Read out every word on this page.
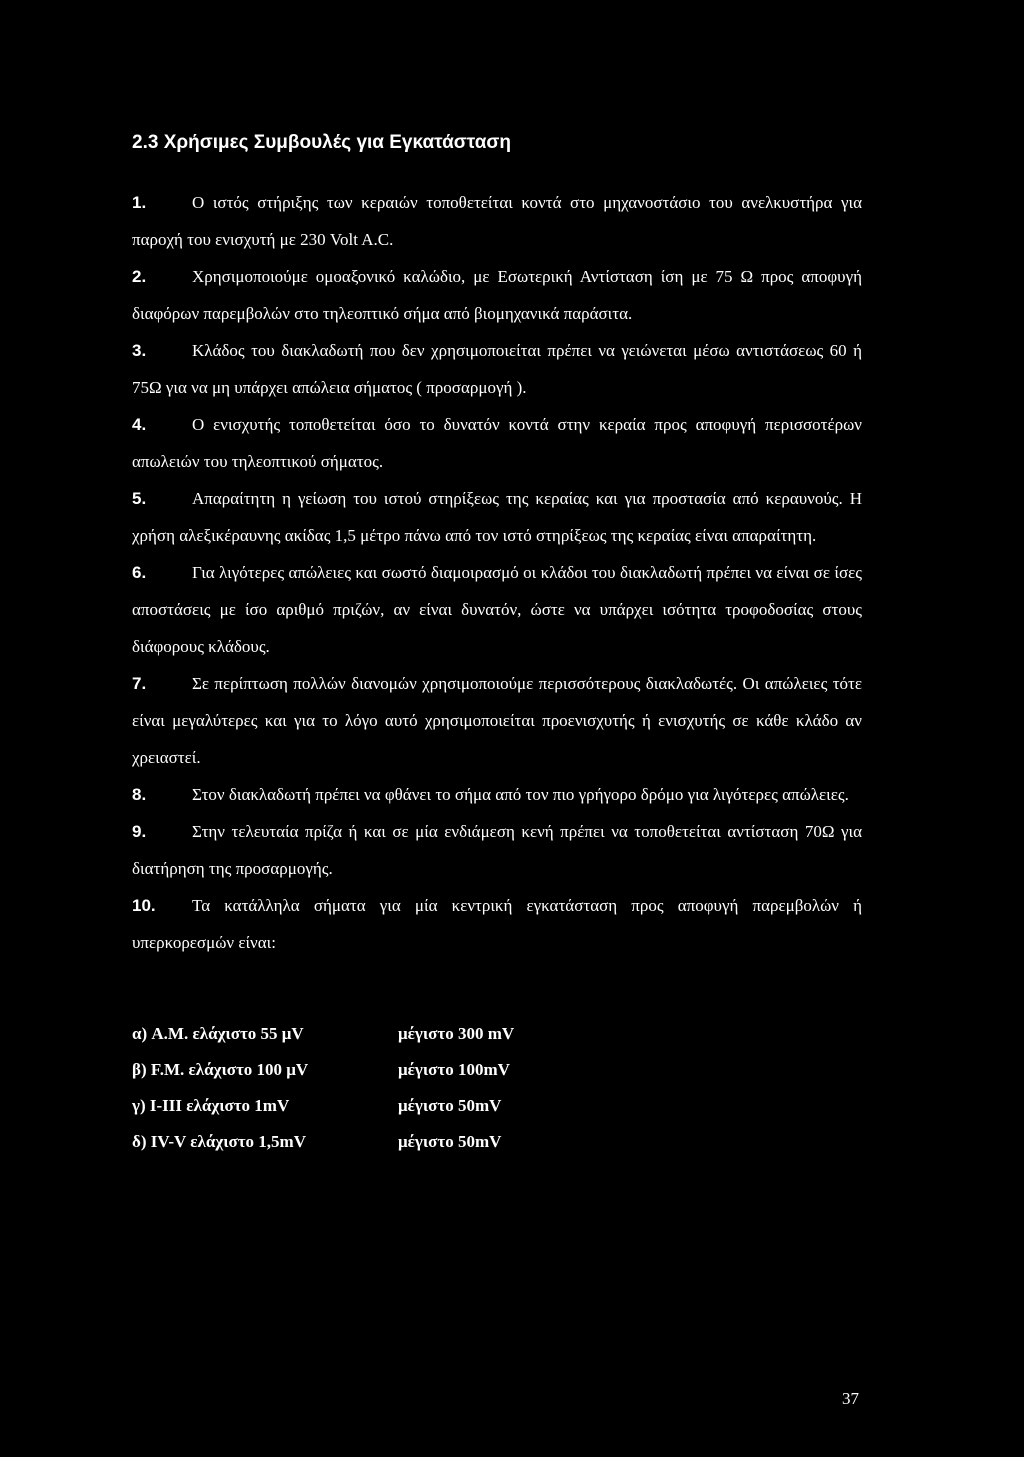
2.3 Χρήσιμες Συμβουλές για Εγκατάσταση
1.	Ο ιστός στήριξης των κεραιών τοποθετείται κοντά στο μηχανοστάσιο του ανελκυστήρα για παροχή του ενισχυτή με 230 Volt A.C.
2.	Χρησιμοποιούμε ομοαξονικό καλώδιο, με Εσωτερική Αντίσταση ίση με 75 Ω προς αποφυγή διαφόρων παρεμβολών στο τηλεοπτικό σήμα από βιομηχανικά παράσιτα.
3.	Κλάδος του διακλαδωτή που δεν χρησιμοποιείται πρέπει να γειώνεται μέσω αντιστάσεως 60 ή 75Ω για να μη υπάρχει απώλεια σήματος ( προσαρμογή ).
4.	Ο ενισχυτής τοποθετείται όσο το δυνατόν κοντά στην κεραία προς αποφυγή περισσοτέρων απωλειών του τηλεοπτικού σήματος.
5.	Απαραίτητη η γείωση του ιστού στηρίξεως της κεραίας και για προστασία από κεραυνούς. Η χρήση αλεξικέραυνης ακίδας 1,5 μέτρο πάνω από τον ιστό στηρίξεως της κεραίας είναι απαραίτητη.
6.	Για λιγότερες απώλειες και σωστό διαμοιρασμό οι κλάδοι του διακλαδωτή πρέπει να είναι σε ίσες αποστάσεις με ίσο αριθμό πριζών, αν είναι δυνατόν, ώστε να υπάρχει ισότητα τροφοδοσίας στους διάφορους κλάδους.
7.	Σε περίπτωση πολλών διανομών χρησιμοποιούμε περισσότερους διακλαδωτές. Οι απώλειες τότε είναι μεγαλύτερες και για το λόγο αυτό χρησιμοποιείται προενισχυτής ή ενισχυτής σε κάθε κλάδο αν χρειαστεί.
8.	Στον διακλαδωτή πρέπει να φθάνει το σήμα από τον πιο γρήγορο δρόμο για λιγότερες απώλειες.
9.	Στην τελευταία πρίζα ή και σε μία ενδιάμεση κενή πρέπει να τοποθετείται αντίσταση 70Ω για διατήρηση της προσαρμογής.
10. Τα κατάλληλα σήματα για μία κεντρική εγκατάσταση προς αποφυγή παρεμβολών ή υπερκορεσμών είναι:
α) A.M. ελάχιστο 55 μV	μέγιστο 300 mV
β) F.M. ελάχιστο 100 μV	μέγιστο 100mV
γ) I-III ελάχιστο 1mV	μέγιστο 50mV
δ) IV-V ελάχιστο 1,5mV	μέγιστο 50mV
37
